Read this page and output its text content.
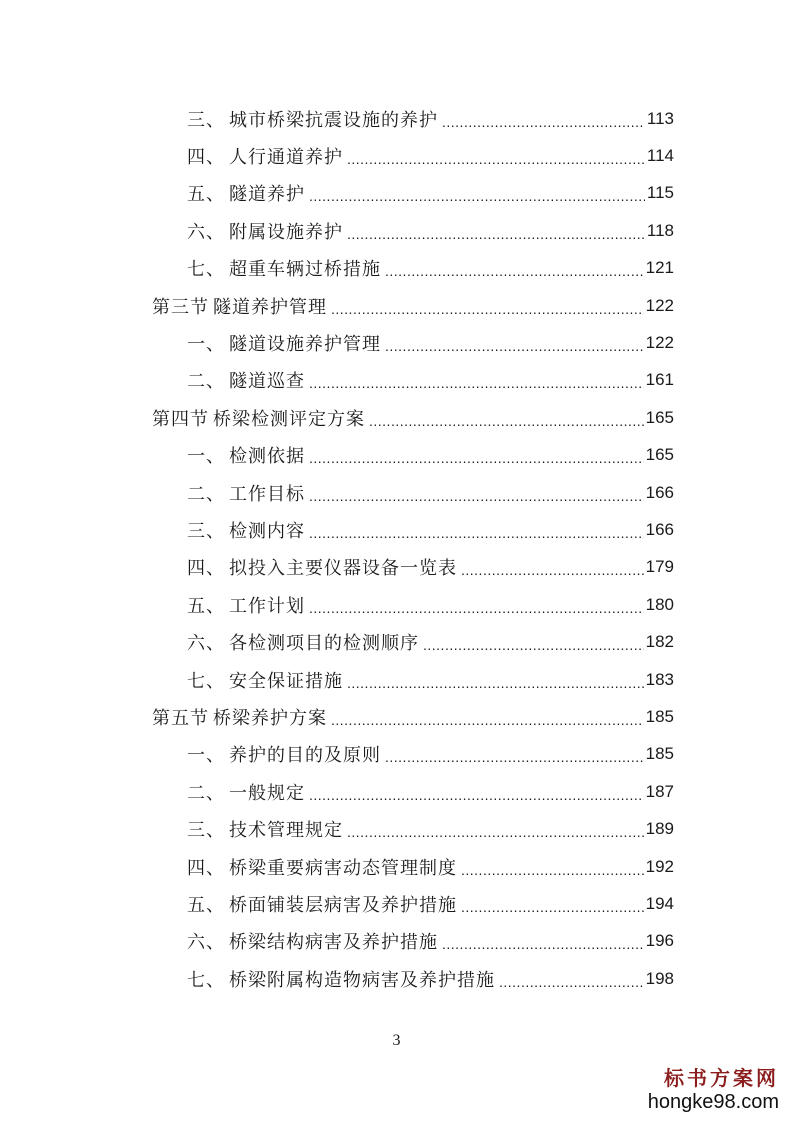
三、 城市桥梁抗震设施的养护 .....	113
四、 人行通道养护 .....	114
五、 隧道养护 .....	115
六、 附属设施养护 .....	118
七、 超重车辆过桥措施 .....	121
第三节 隧道养护管理 .....	122
一、 隧道设施养护管理 .....	122
二、 隧道巡查 .....	161
第四节 桥梁检测评定方案 .....	165
一、 检测依据 .....	165
二、 工作目标 .....	166
三、 检测内容 .....	166
四、 拟投入主要仪器设备一览表 .....	179
五、 工作计划 .....	180
六、 各检测项目的检测顺序 .....	182
七、 安全保证措施 .....	183
第五节 桥梁养护方案 .....	185
一、 养护的目的及原则 .....	185
二、 一般规定 .....	187
三、 技术管理规定 .....	189
四、 桥梁重要病害动态管理制度 .....	192
五、 桥面铺装层病害及养护措施 .....	194
六、 桥梁结构病害及养护措施 .....	196
七、 桥梁附属构造物病害及养护措施 .....	198
3
标书方案网
hongke98.com
